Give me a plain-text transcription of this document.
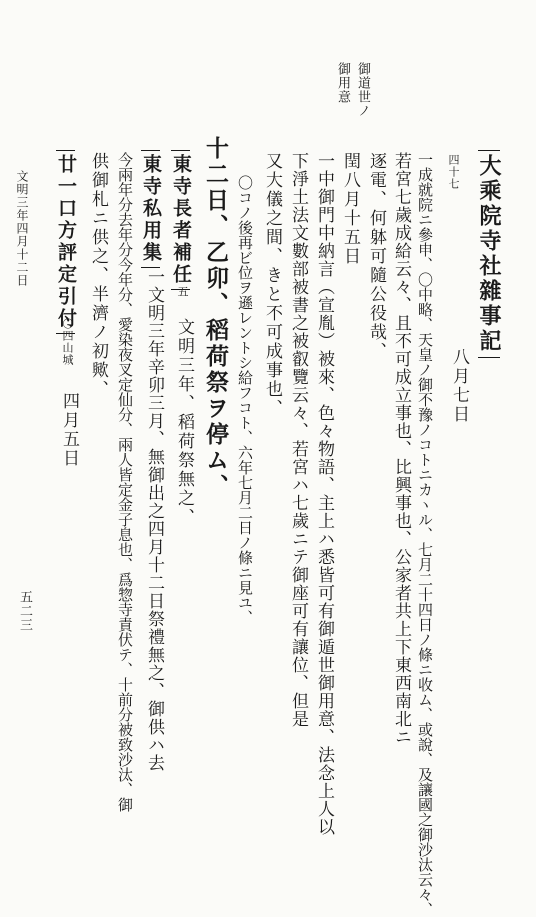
御道世ノ
御用意
大乘院寺社雜事記
四十七
八月七日
一成就院ニ參申、〇中略、天皇ノ御不豫ノコトニカヽル、七月二十四日ノ條ニ收ム、或說、及讓國之御沙汰云々、
若宮七歲成給云々、且不可成立事也、比興事也、公家者共上下東西南北ニ
逐電、何躰可隨公役哉、
閏八月十五日
一中御門中納言（宣胤）被來、色々物語、主上ハ悉皆可有御遁世御用意、法念上人以
下淨土法文數部被書之被叡覽云々、若宮ハ七歲ニテ御座可有讓位、但是
又大儀之間、きと不可成事也、
〇コノ後再ビ位ヲ遜レントシ給フコト、六年七月二日ノ條ニ見ユ、
十二日、乙卯、稻荷祭ヲ停ム、
東寺長者補任
五
文明三年、稻荷祭無之、
東寺私用集
一文明三年辛卯三月、無御出之四月十二日祭禮無之、御供ハ去
今兩年分去年分今年分、愛染夜叉定仙分、兩人皆定金子息也、爲惣寺責伏テ、十前分被致沙汰、御
供御札ニ供之、半濟ノ初歟、
廿一口方評定引付
〇四山城
四月五日
文明三年四月十二日
五二三
